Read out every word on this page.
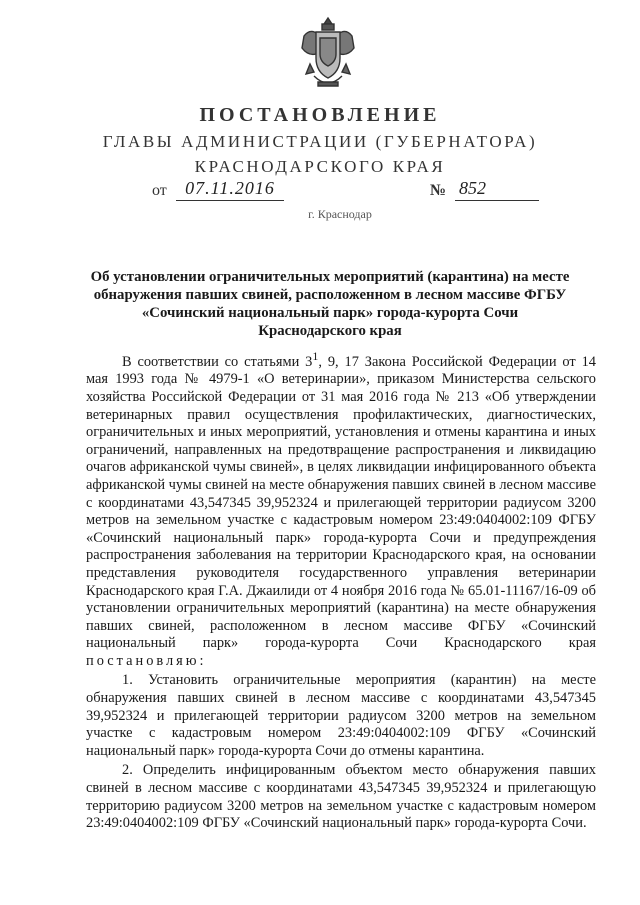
ПОСТАНОВЛЕНИЕ
ГЛАВЫ АДМИНИСТРАЦИИ (ГУБЕРНАТОРА)
КРАСНОДАРСКОГО КРАЯ
от	07.11.2016	№ 852
г. Краснодар
Об установлении ограничительных мероприятий (карантина) на месте обнаружения павших свиней, расположенном в лесном массиве ФГБУ «Сочинский национальный парк» города-курорта Сочи Краснодарского края

В соответствии со статьями $3^1$, 9, 17 Закона Российской Федерации от 14 мая 1993 года № 4979-1 «О ветеринарии», приказом Министерства сельского хозяйства Российской Федерации от 31 мая 2016 года № 213 «Об утверждении ветеринарных правил осуществления профилактических, диагностических, ограничительных и иных мероприятий, установления и отмены карантина и иных ограничений, направленных на предотвращение распространения и ликвидацию очагов африканской чумы свиней», в целях ликвидации инфицированного объекта африканской чумы свиней на месте обнаружения павших свиней в лесном массиве с координатами 43,547345 39,952324 и прилегающей территории радиусом 3200 метров на земельном участке с кадастровым номером 23:49:0404002:109 ФГБУ «Сочинский национальный парк» города-курорта Сочи и предупреждения распространения заболевания на территории Краснодарского края, на основании представления руководителя государственного управления ветеринарии Краснодарского края Г.А. Джаилиди от 4 ноября 2016 года № 65.01-11167/16-09 об установлении ограничительных мероприятий (карантина) на месте обнаружения павших свиней, расположенном в лесном массиве ФГБУ «Сочинский национальный парк» города-курорта Сочи Краснодарского края постановляю:

1. Установить ограничительные мероприятия (карантин) на месте обнаружения павших свиней в лесном массиве с координатами 43,547345 39,952324 и прилегающей территории радиусом 3200 метров на земельном участке с кадастровым номером 23:49:0404002:109 ФГБУ «Сочинский национальный парк» города-курорта Сочи до отмены карантина.

2. Определить инфицированным объектом место обнаружения павших свиней в лесном массиве с координатами 43,547345 39,952324 и прилегающую территорию радиусом 3200 метров на земельном участке с кадастровым номером 23:49:0404002:109 ФГБУ «Сочинский национальный парк» города-курорта Сочи.
